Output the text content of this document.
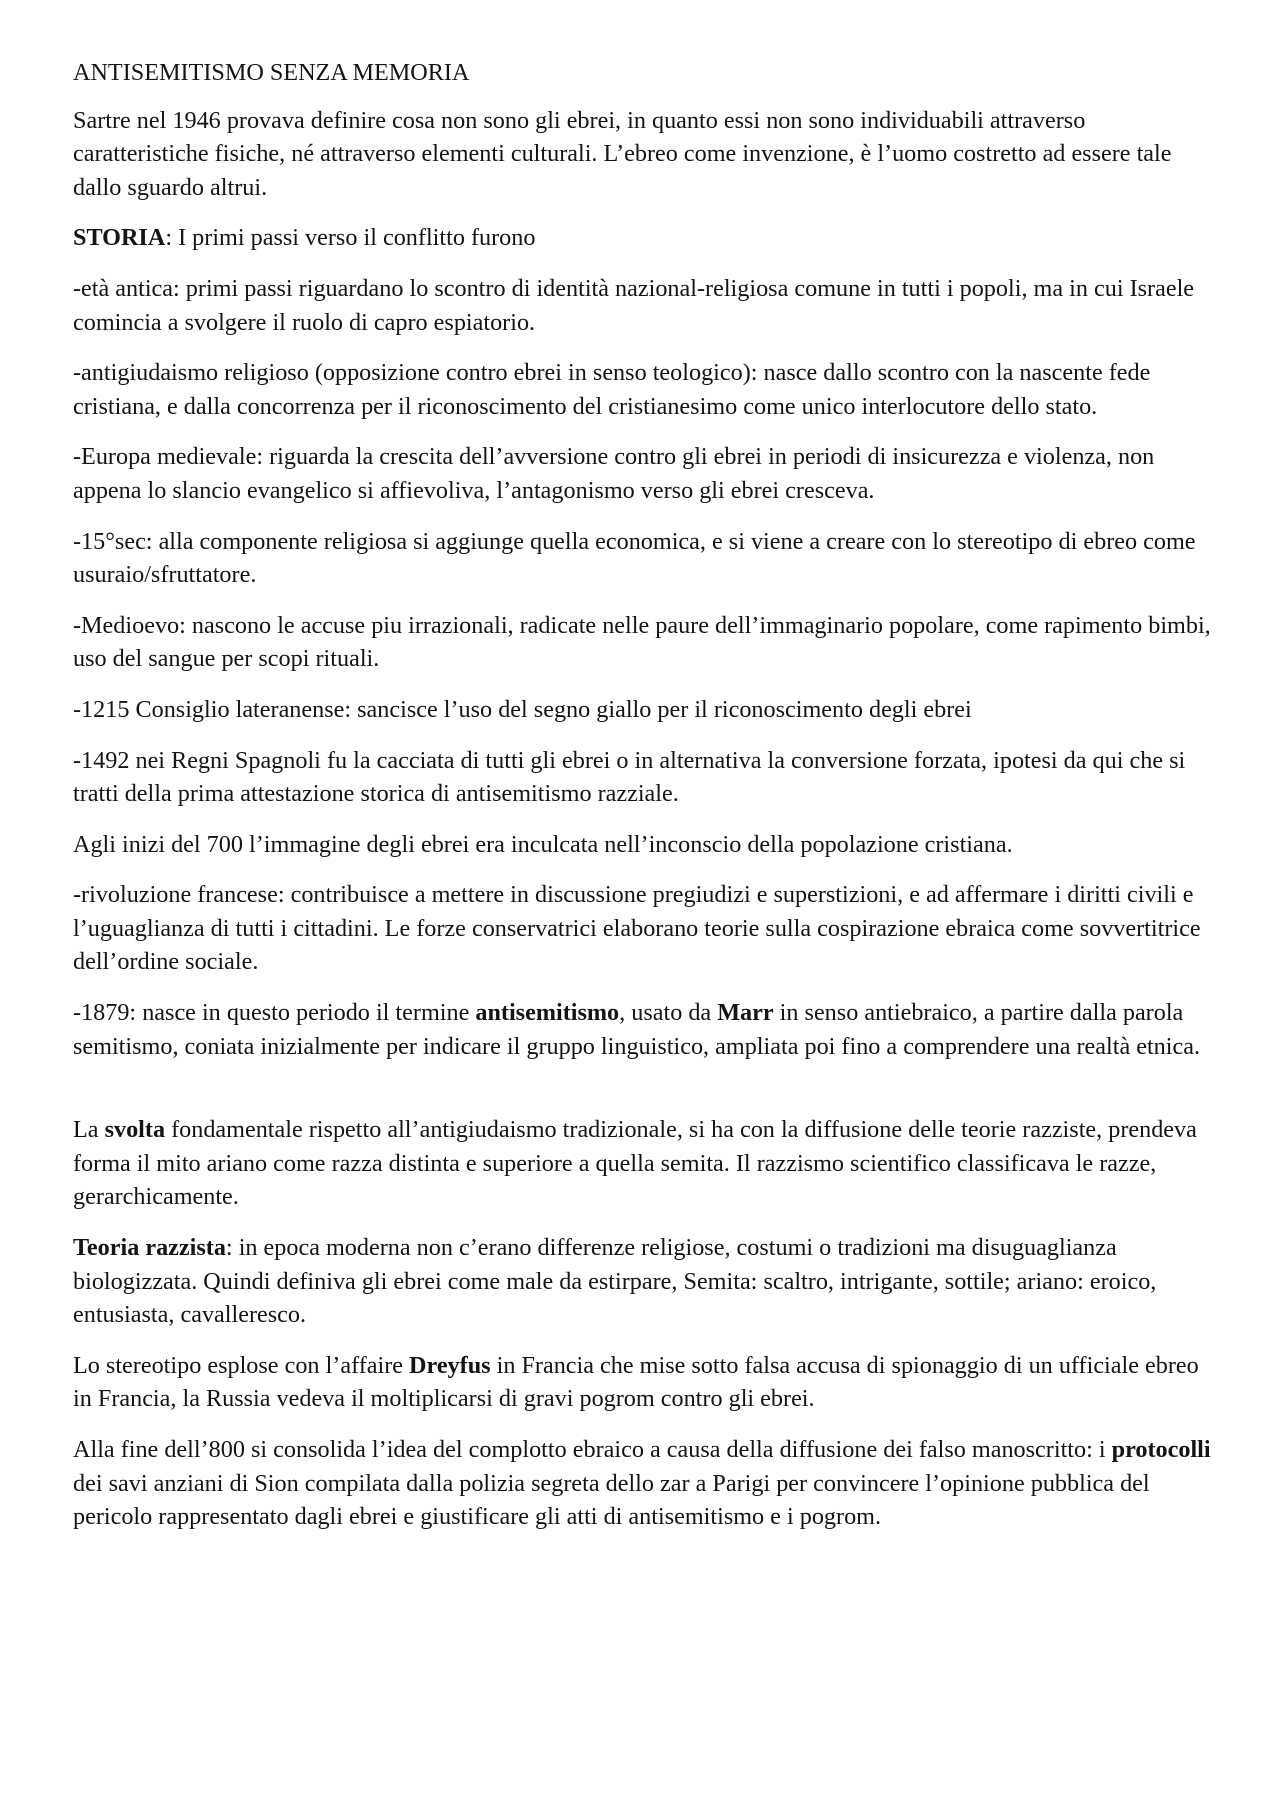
ANTISEMITISMO SENZA MEMORIA

Sartre nel 1946 provava definire cosa non sono gli ebrei, in quanto essi non sono individuabili attraverso caratteristiche fisiche, né attraverso elementi culturali. L’ebreo come invenzione, è l’uomo costretto ad essere tale dallo sguardo altrui.

STORIA: I primi passi verso il conflitto furono

-età antica: primi passi riguardano lo scontro di identità nazional-religiosa comune in tutti i popoli, ma in cui Israele comincia a svolgere il ruolo di capro espiatorio.

-antigiudaismo religioso (opposizione contro ebrei in senso teologico): nasce dallo scontro con la nascente fede cristiana, e dalla concorrenza per il riconoscimento del cristianesimo come unico interlocutore dello stato.

-Europa medievale: riguarda la crescita dell’avversione contro gli ebrei in periodi di insicurezza e violenza, non appena lo slancio evangelico si affievoliva, l’antagonismo verso gli ebrei cresceva.

-15°sec: alla componente religiosa si aggiunge quella economica, e si viene a creare con lo stereotipo di ebreo come usuraio/sfruttatore.

-Medioevo: nascono le accuse piu irrazionali, radicate nelle paure dell’immaginario popolare, come rapimento bimbi, uso del sangue per scopi rituali.

-1215 Consiglio lateranense: sancisce l’uso del segno giallo per il riconoscimento degli ebrei

-1492 nei Regni Spagnoli fu la cacciata di tutti gli ebrei o in alternativa la conversione forzata, ipotesi da qui che si tratti della prima attestazione storica di antisemitismo razziale.

Agli inizi del 700 l’immagine degli ebrei era inculcata nell’inconscio della popolazione cristiana.

-rivoluzione francese: contribuisce a mettere in discussione pregiudizi e superstizioni, e ad affermare i diritti civili e l’uguaglianza di tutti i cittadini. Le forze conservatrici elaborano teorie sulla cospirazione ebraica come sovvertitrice dell’ordine sociale.

-1879: nasce in questo periodo il termine antisemitismo, usato da Marr in senso antiebraico, a partire dalla parola semitismo, coniata inizialmente per indicare il gruppo linguistico, ampliata poi fino a comprendere una realtà etnica.

La svolta fondamentale rispetto all’antigiudaismo tradizionale, si ha con la diffusione delle teorie razziste, prendeva forma il mito ariano come razza distinta e superiore a quella semita. Il razzismo scientifico classificava le razze, gerarchicamente.

Teoria razzista: in epoca moderna non c’erano differenze religiose, costumi o tradizioni ma disuguaglianza biologizzata. Quindi definiva gli ebrei come male da estirpare, Semita: scaltro, intrigante, sottile; ariano: eroico, entusiasta, cavalleresco.

Lo stereotipo esplose con l’affaire Dreyfus in Francia che mise sotto falsa accusa di spionaggio di un ufficiale ebreo in Francia, la Russia vedeva il moltiplicarsi di gravi pogrom contro gli ebrei.

Alla fine dell’800 si consolida l’idea del complotto ebraico a causa della diffusione dei falso manoscritto: i protocolli dei savi anziani di Sion compilata dalla polizia segreta dello zar a Parigi per convincere l’opinione pubblica del pericolo rappresentato dagli ebrei e giustificare gli atti di antisemitismo e i pogrom.
